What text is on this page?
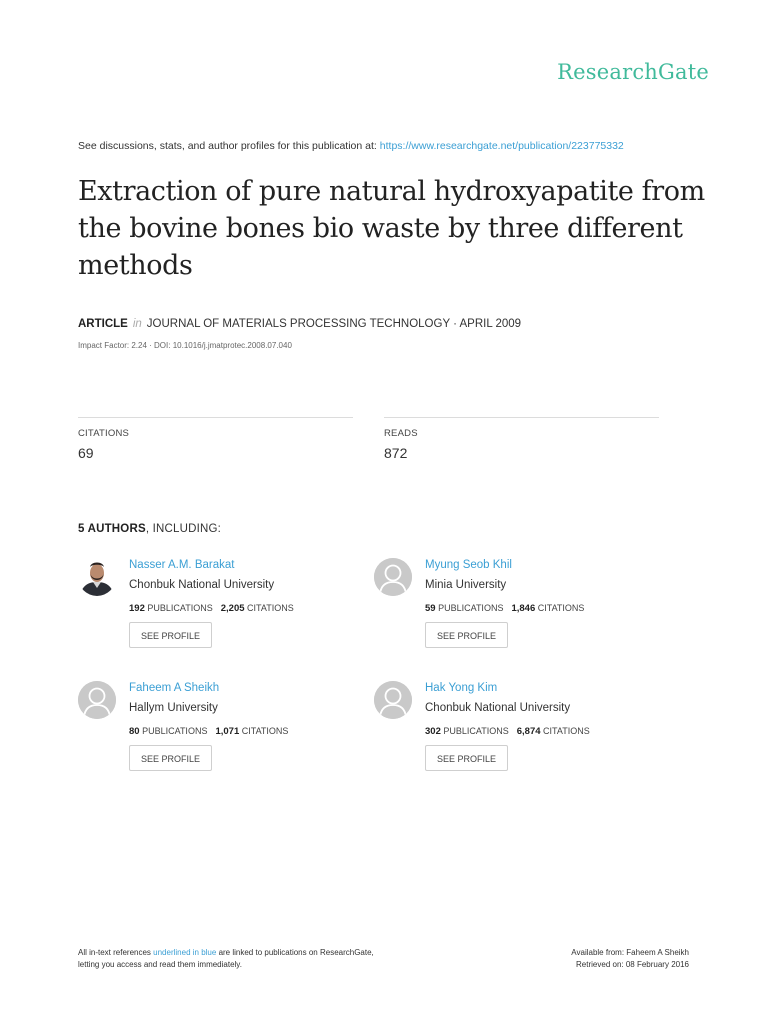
ResearchGate
See discussions, stats, and author profiles for this publication at: https://www.researchgate.net/publication/223775332
Extraction of pure natural hydroxyapatite from the bovine bones bio waste by three different methods
ARTICLE in JOURNAL OF MATERIALS PROCESSING TECHNOLOGY · APRIL 2009
Impact Factor: 2.24 · DOI: 10.1016/j.jmatprotec.2008.07.040
CITATIONS
69
READS
872
5 AUTHORS, INCLUDING:
Nasser A.M. Barakat
Chonbuk National University
192 PUBLICATIONS 2,205 CITATIONS
SEE PROFILE
Myung Seob Khil
Minia University
59 PUBLICATIONS 1,846 CITATIONS
SEE PROFILE
Faheem A Sheikh
Hallym University
80 PUBLICATIONS 1,071 CITATIONS
SEE PROFILE
Hak Yong Kim
Chonbuk National University
302 PUBLICATIONS 6,874 CITATIONS
SEE PROFILE
All in-text references underlined in blue are linked to publications on ResearchGate,
letting you access and read them immediately.
Available from: Faheem A Sheikh
Retrieved on: 08 February 2016
